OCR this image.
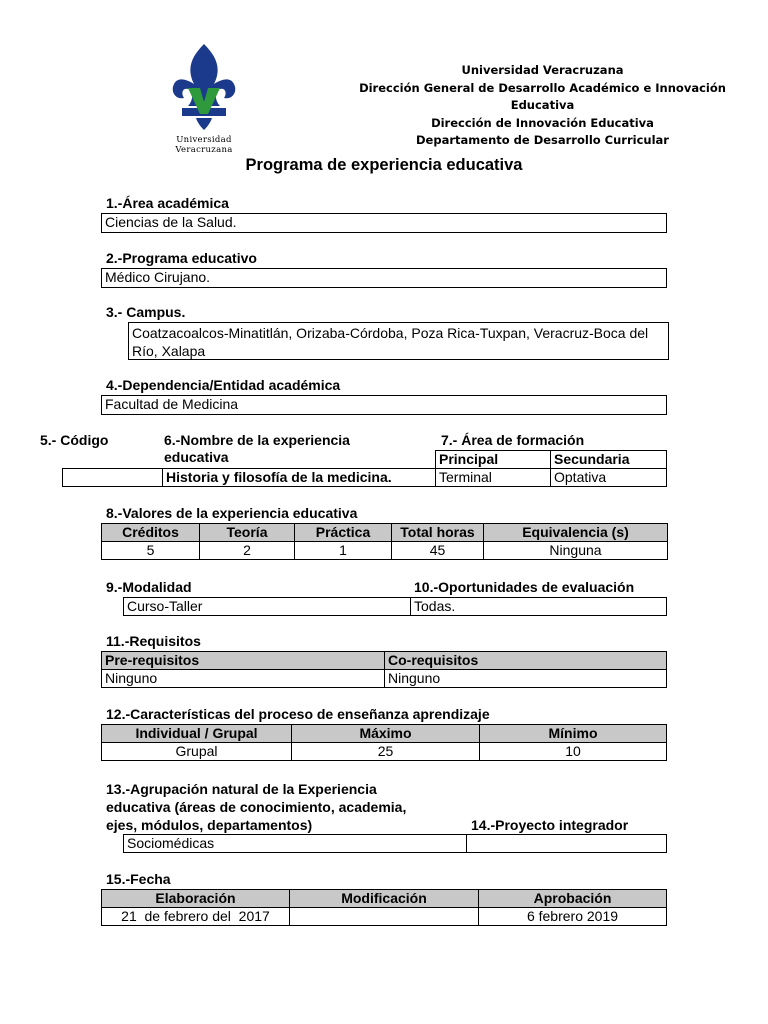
Universidad Veracruzana
Universidad Veracruzana
Dirección General de Desarrollo Académico e Innovación Educativa
Dirección de Innovación Educativa
Departamento de Desarrollo Curricular
Programa de experiencia educativa
1.-Área académica
Ciencias de la Salud.
2.-Programa educativo
Médico Cirujano.
3.- Campus.
Coatzacoalcos-Minatitlán, Orizaba-Córdoba, Poza Rica-Tuxpan, Veracruz-Boca del Río, Xalapa
4.-Dependencia/Entidad académica
Facultad de Medicina
5.- Código	6.-Nombre de la experiencia educativa
7.- Área de formación
	Historia y filosofía de la medicina.
Principal	Secundaria
Terminal	Optativa
8.-Valores de la experiencia educativa
Créditos	Teoría	Práctica	Total horas	Equivalencia (s)
5	2	1	45	Ninguna
9.-Modalidad	10.-Oportunidades de evaluación
Curso-Taller	Todas.
11.-Requisitos
Pre-requisitos	Co-requisitos
Ninguno	Ninguno
12.-Características del proceso de enseñanza aprendizaje
Individual / Grupal	Máximo	Mínimo
Grupal	25	10
13.-Agrupación natural de la Experiencia
educativa (áreas de conocimiento, academia,
ejes, módulos, departamentos)	14.-Proyecto integrador
Sociomédicas	
15.-Fecha
Elaboración	Modificación	Aprobación
21  de febrero del  2017		6 febrero 2019
